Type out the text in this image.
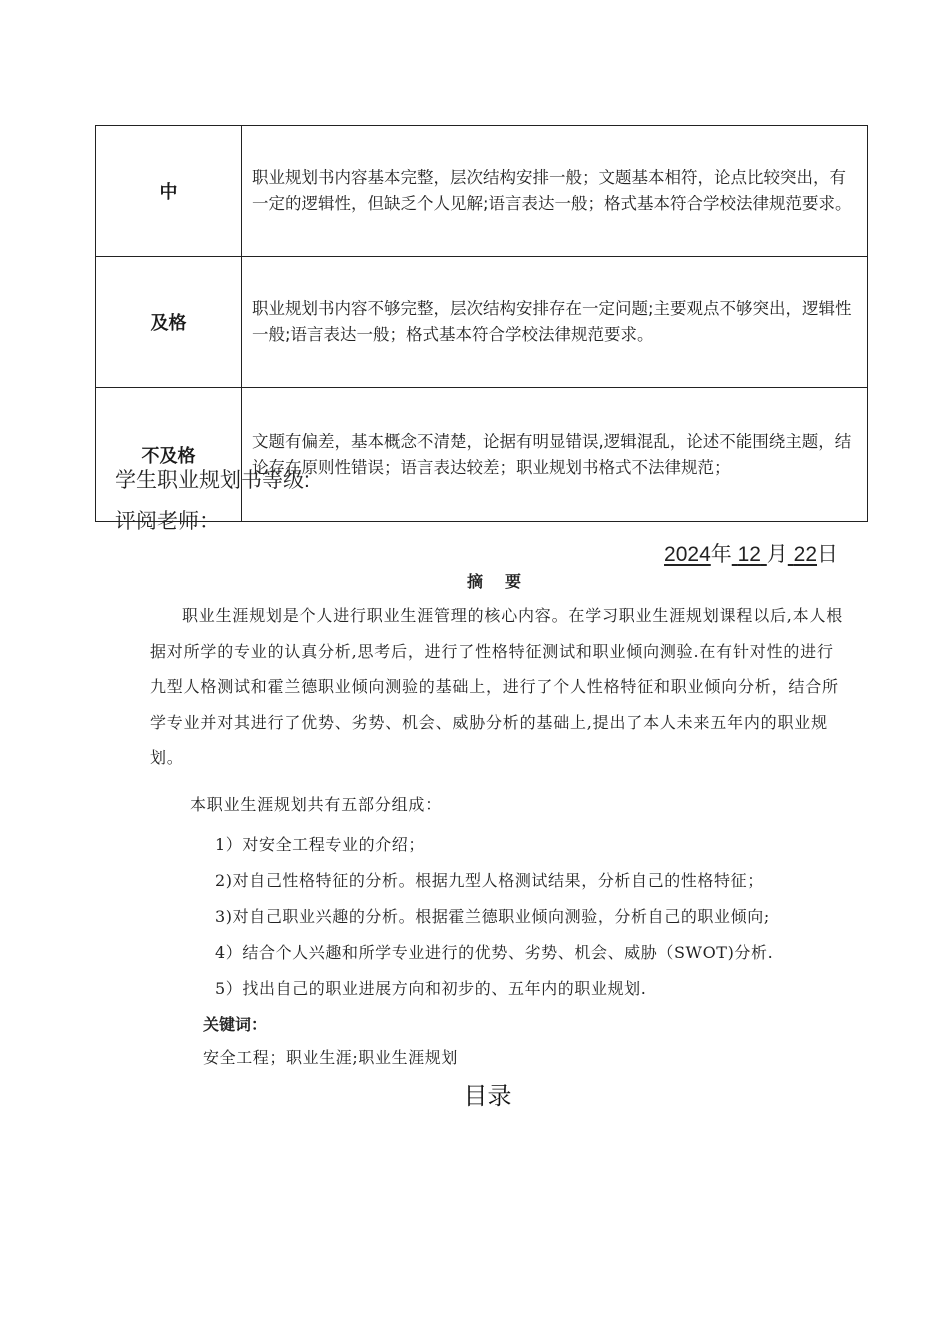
中	职业规划书内容基本完整，层次结构安排一般；文题基本相符，论点比较突出，有一定的逻辑性，但缺乏个人见解;语言表达一般；格式基本符合学校法律规范要求。
及格	职业规划书内容不够完整，层次结构安排存在一定问题;主要观点不够突出，逻辑性一般;语言表达一般；格式基本符合学校法律规范要求。
不及格	文题有偏差，基本概念不清楚，论据有明显错误,逻辑混乱，论述不能围绕主题，结论存在原则性错误；语言表达较差；职业规划书格式不法律规范；
学生职业规划书等级:
评阅老师：
2024年 12 月 22日
摘要

职业生涯规划是个人进行职业生涯管理的核心内容。在学习职业生涯规划课程以后,本人根据对所学的专业的认真分析,思考后，进行了性格特征测试和职业倾向测验.在有针对性的进行九型人格测试和霍兰德职业倾向测验的基础上，进行了个人性格特征和职业倾向分析，结合所学专业并对其进行了优势、劣势、机会、威胁分析的基础上,提出了本人未来五年内的职业规划。

本职业生涯规划共有五部分组成：
1）对安全工程专业的介绍；
2)对自己性格特征的分析。根据九型人格测试结果，分析自己的性格特征；
3)对自己职业兴趣的分析。根据霍兰德职业倾向测验，分析自己的职业倾向;
4）结合个人兴趣和所学专业进行的优势、劣势、机会、威胁（SWOT)分析.
5）找出自己的职业进展方向和初步的、五年内的职业规划.
关键词：
安全工程；职业生涯;职业生涯规划
目录
